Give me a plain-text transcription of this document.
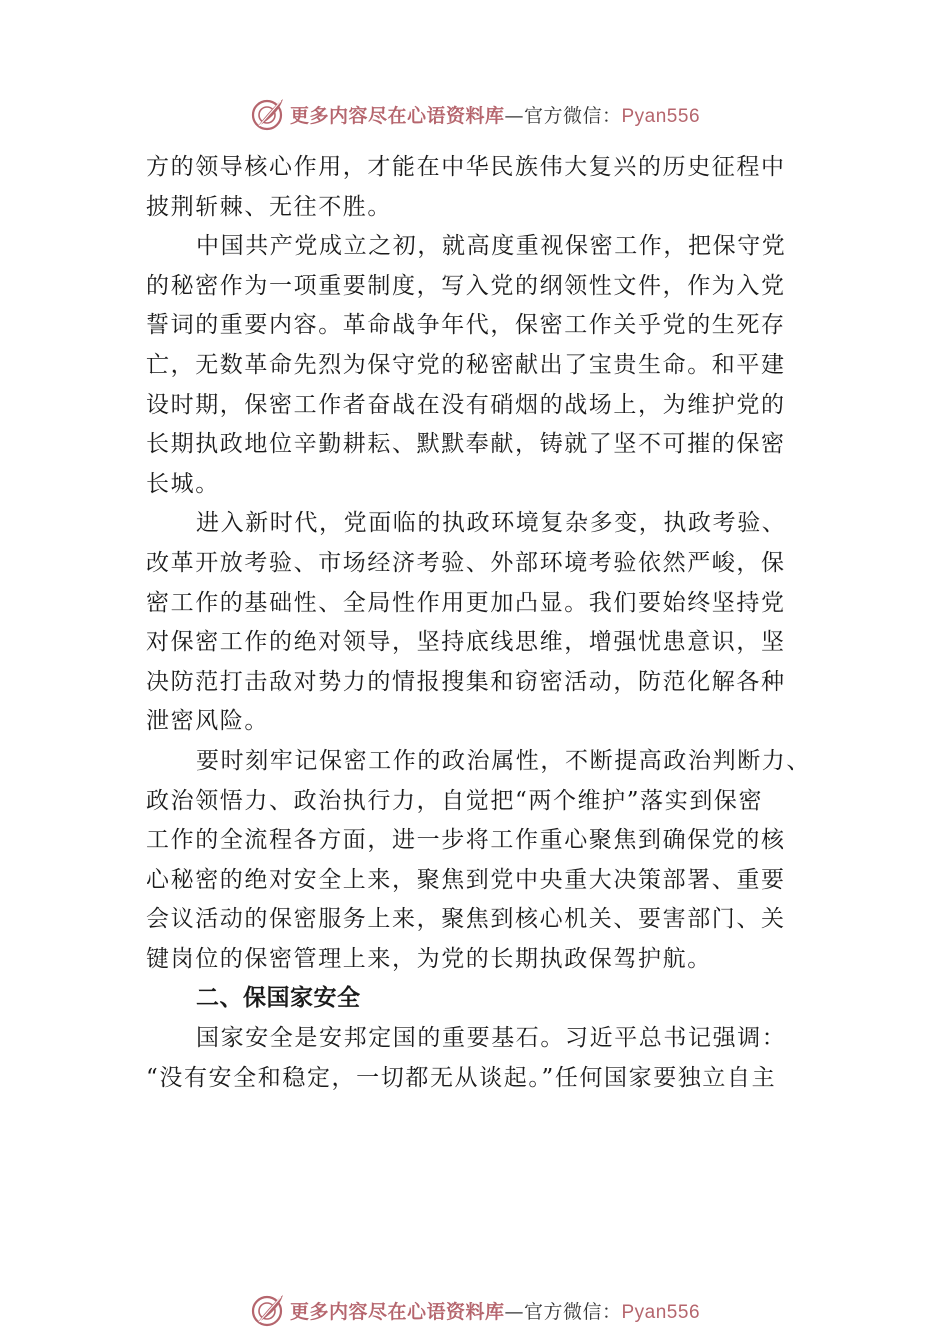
更多内容尽在心语资料库—官方微信：Pyan556
方的领导核心作用，才能在中华民族伟大复兴的历史征程中
披荆斩棘、无往不胜。
中国共产党成立之初，就高度重视保密工作，把保守党
的秘密作为一项重要制度，写入党的纲领性文件，作为入党
誓词的重要内容。革命战争年代，保密工作关乎党的生死存
亡，无数革命先烈为保守党的秘密献出了宝贵生命。和平建
设时期，保密工作者奋战在没有硝烟的战场上，为维护党的
长期执政地位辛勤耕耘、默默奉献，铸就了坚不可摧的保密
长城。
进入新时代，党面临的执政环境复杂多变，执政考验、
改革开放考验、市场经济考验、外部环境考验依然严峻，保
密工作的基础性、全局性作用更加凸显。我们要始终坚持党
对保密工作的绝对领导，坚持底线思维，增强忧患意识，坚
决防范打击敌对势力的情报搜集和窃密活动，防范化解各种
泄密风险。
要时刻牢记保密工作的政治属性，不断提高政治判断力、
政治领悟力、政治执行力，自觉把“两个维护”落实到保密
工作的全流程各方面，进一步将工作重心聚焦到确保党的核
心秘密的绝对安全上来，聚焦到党中央重大决策部署、重要
会议活动的保密服务上来，聚焦到核心机关、要害部门、关
键岗位的保密管理上来，为党的长期执政保驾护航。
二、保国家安全
国家安全是安邦定国的重要基石。习近平总书记强调：
“没有安全和稳定，一切都无从谈起。”任何国家要独立自主
更多内容尽在心语资料库—官方微信：Pyan556
